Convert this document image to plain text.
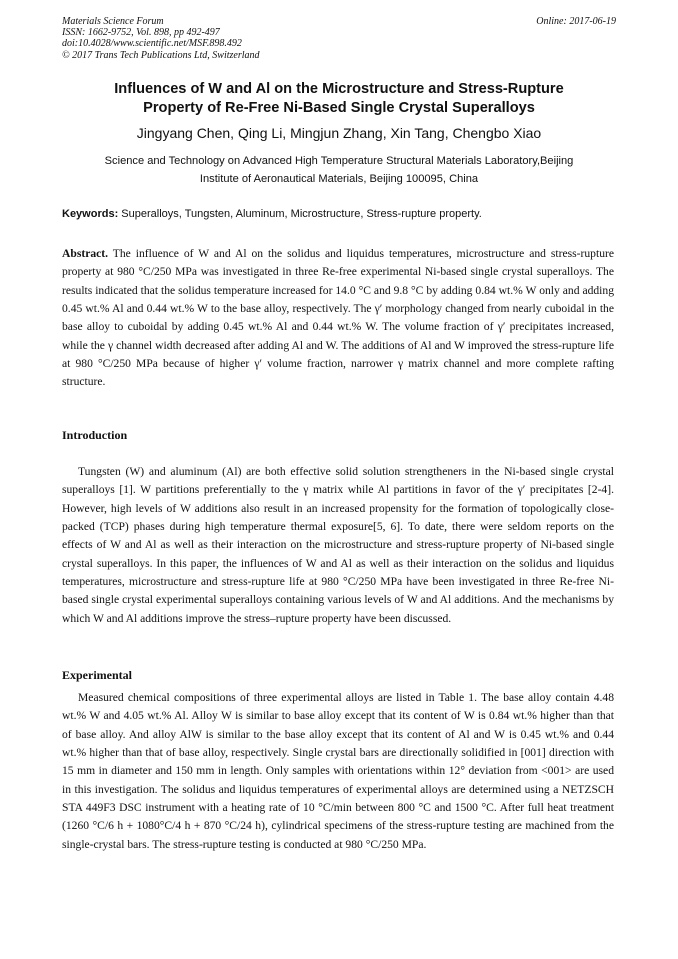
Materials Science Forum
ISSN: 1662-9752, Vol. 898, pp 492-497
doi:10.4028/www.scientific.net/MSF.898.492
© 2017 Trans Tech Publications Ltd, Switzerland
Online: 2017-06-19
Influences of W and Al on the Microstructure and Stress-Rupture
Property of Re-Free Ni-Based Single Crystal Superalloys
Jingyang Chen, Qing Li, Mingjun Zhang, Xin Tang, Chengbo Xiao
Science and Technology on Advanced High Temperature Structural Materials Laboratory,Beijing
Institute of Aeronautical Materials, Beijing 100095, China
Keywords: Superalloys, Tungsten, Aluminum, Microstructure, Stress-rupture property.

Abstract. The influence of W and Al on the solidus and liquidus temperatures, microstructure and stress-rupture property at 980 °C/250 MPa was investigated in three Re-free experimental Ni-based single crystal superalloys. The results indicated that the solidus temperature increased for 14.0 °C and 9.8 °C by adding 0.84 wt.% W only and adding 0.45 wt.% Al and 0.44 wt.% W to the base alloy, respectively. The γ′ morphology changed from nearly cuboidal in the base alloy to cuboidal by adding 0.45 wt.% Al and 0.44 wt.% W. The volume fraction of γ′ precipitates increased, while the γ channel width decreased after adding Al and W. The additions of Al and W improved the stress-rupture life at 980 °C/250 MPa because of higher γ′ volume fraction, narrower γ matrix channel and more complete rafting structure.

Introduction

Tungsten (W) and aluminum (Al) are both effective solid solution strengtheners in the Ni-based single crystal superalloys [1]. W partitions preferentially to the γ matrix while Al partitions in favor of the γ′ precipitates [2-4]. However, high levels of W additions also result in an increased propensity for the formation of topologically close-packed (TCP) phases during high temperature thermal exposure[5, 6]. To date, there were seldom reports on the effects of W and Al as well as their interaction on the microstructure and stress-rupture property of Ni-based single crystal superalloys. In this paper, the influences of W and Al as well as their interaction on the solidus and liquidus temperatures, microstructure and stress-rupture life at 980 °C/250 MPa have been investigated in three Re-free Ni-based single crystal experimental superalloys containing various levels of W and Al additions. And the mechanisms by which W and Al additions improve the stress–rupture property have been discussed.

Experimental

Measured chemical compositions of three experimental alloys are listed in Table 1. The base alloy contain 4.48 wt.% W and 4.05 wt.% Al. Alloy W is similar to base alloy except that its content of W is 0.84 wt.% higher than that of base alloy. And alloy AlW is similar to the base alloy except that its content of Al and W is 0.45 wt.% and 0.44 wt.% higher than that of base alloy, respectively. Single crystal bars are directionally solidified in [001] direction with 15 mm in diameter and 150 mm in length. Only samples with orientations within 12° deviation from <001> are used in this investigation. The solidus and liquidus temperatures of experimental alloys are determined using a NETZSCH STA 449F3 DSC instrument with a heating rate of 10 °C/min between 800 °C and 1500 °C. After full heat treatment (1260 °C/6 h + 1080°C/4 h + 870 °C/24 h), cylindrical specimens of the stress-rupture testing are machined from the single-crystal bars. The stress-rupture testing is conducted at 980 °C/250 MPa.
